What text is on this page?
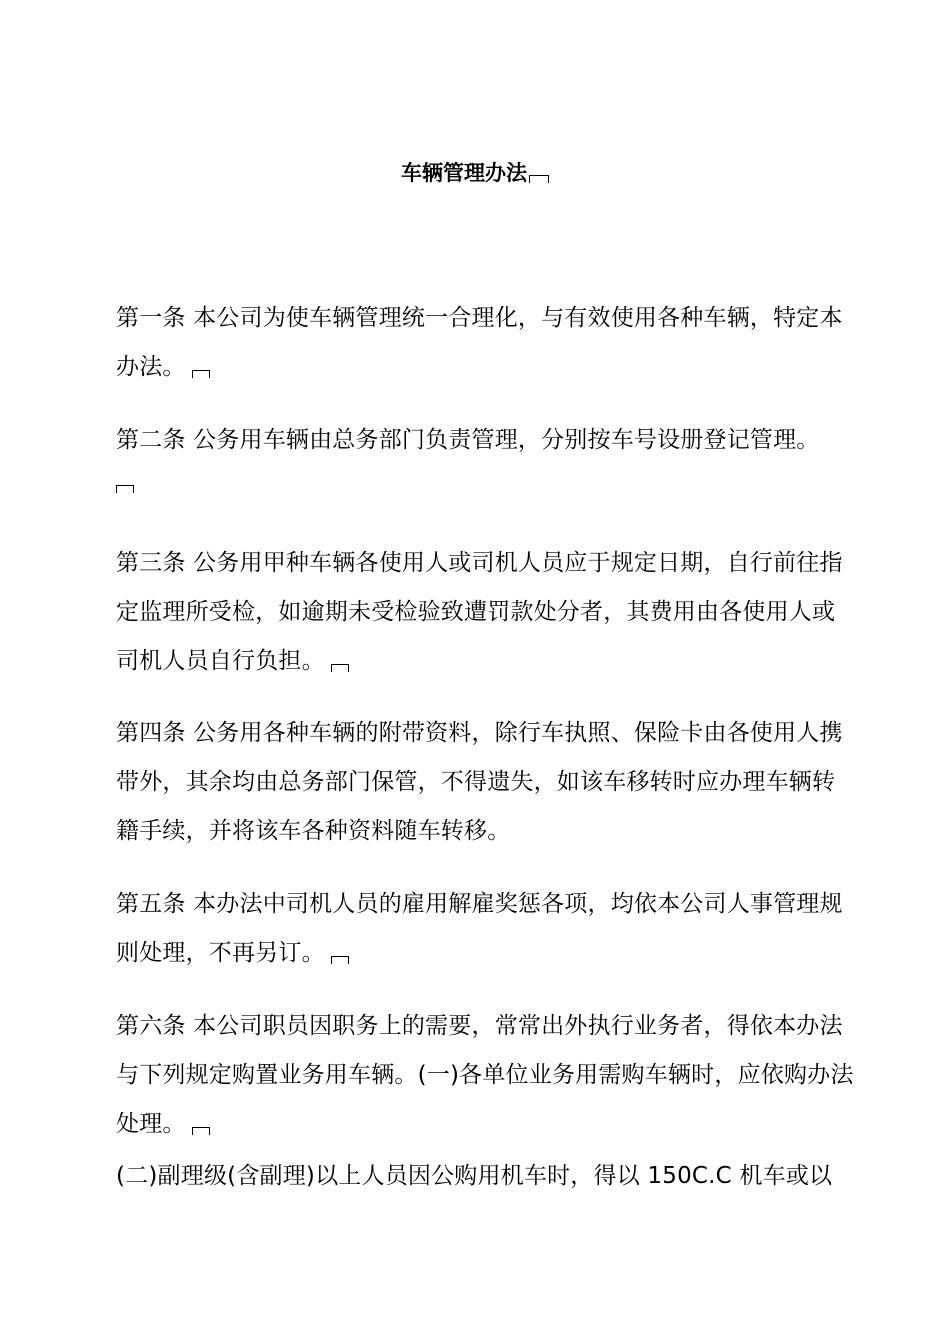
车辆管理办法
第一条 本公司为使车辆管理统一合理化，与有效使用各种车辆，特定本办法。
第二条 公务用车辆由总务部门负责管理，分别按车号设册登记管理。
第三条 公务用甲种车辆各使用人或司机人员应于规定日期，自行前往指定监理所受检，如逾期未受检验致遭罚款处分者，其费用由各使用人或司机人员自行负担。
第四条 公务用各种车辆的附带资料，除行车执照、保险卡由各使用人携带外，其余均由总务部门保管，不得遗失，如该车移转时应办理车辆转籍手续，并将该车各种资料随车转移。
第五条 本办法中司机人员的雇用解雇奖惩各项，均依本公司人事管理规则处理，不再另订。
第六条 本公司职员因职务上的需要，常常出外执行业务者，得依本办法与下列规定购置业务用车辆。(一)各单位业务用需购车辆时，应依购办法处理。
(二)副理级(含副理)以上人员因公购用机车时，得以 150C.C 机车或以
